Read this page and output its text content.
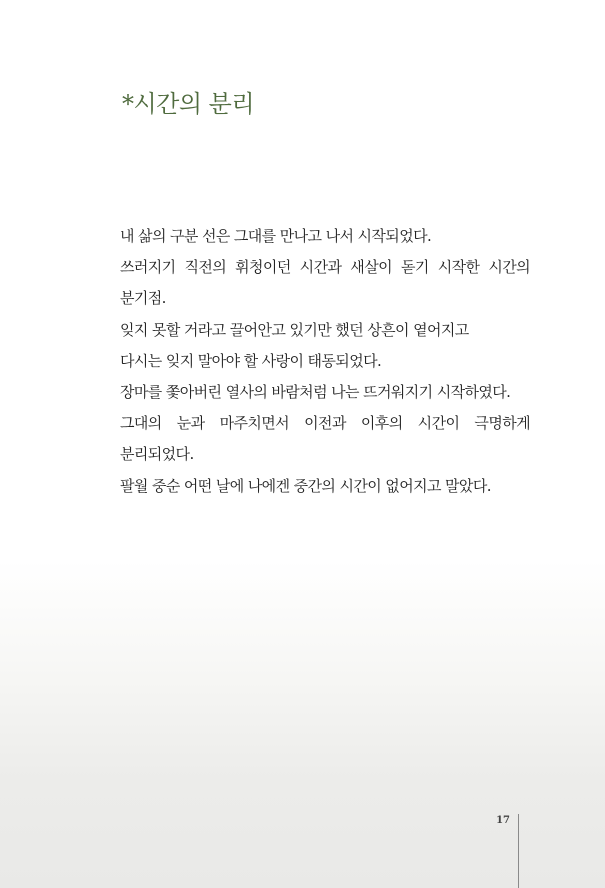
*시간의 분리
내 삶의 구분 선은 그대를 만나고 나서 시작되었다.
쓰러지기 직전의 휘청이던 시간과 새살이 돋기 시작한 시간의
분기점.
잊지 못할 거라고 끌어안고 있기만 했던 상흔이 옅어지고
다시는 잊지 말아야 할 사랑이 태동되었다.
장마를 쫓아버린 열사의 바람처럼 나는 뜨거워지기 시작하였다.
그대의 눈과 마주치면서 이전과 이후의 시간이 극명하게
분리되었다.
팔월 중순 어떤 날에 나에겐 중간의 시간이 없어지고 말았다.
17
